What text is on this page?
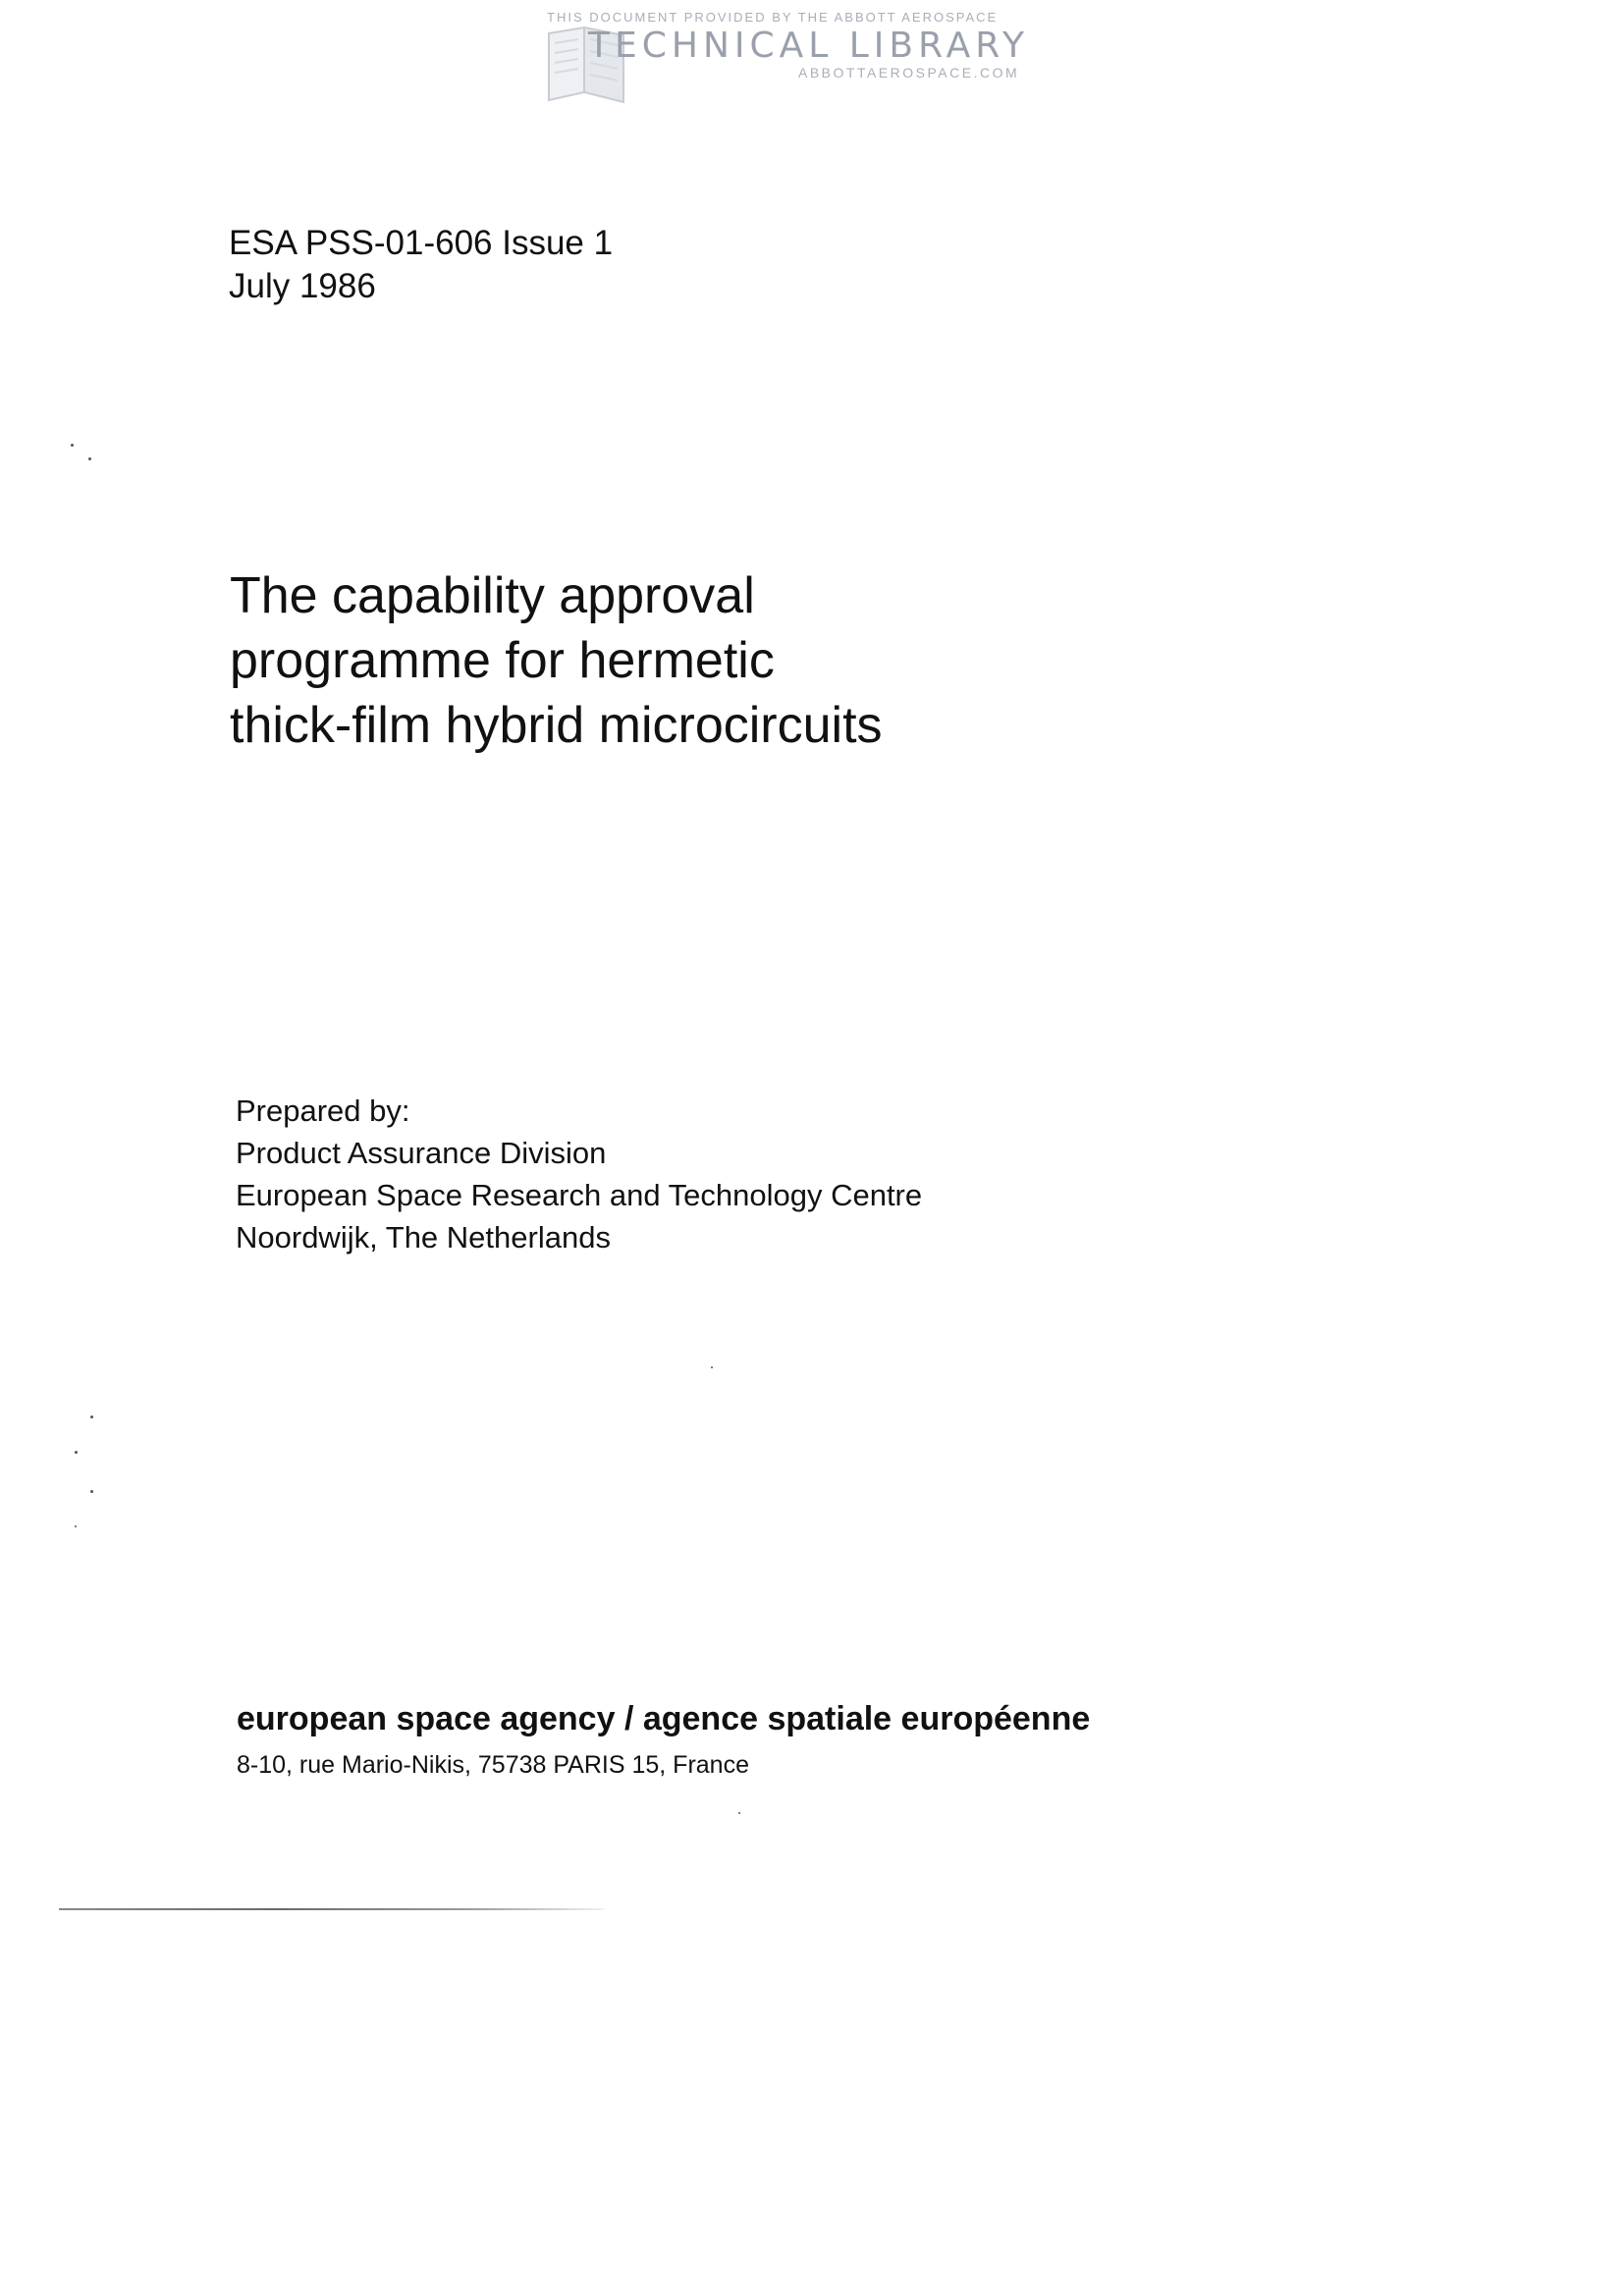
THIS DOCUMENT PROVIDED BY THE ABBOTT AEROSPACE
TECHNICAL LIBRARY
ABBOTTAEROSPACE.COM
ESA PSS-01-606 Issue 1
July 1986
The capability approval
programme for hermetic
thick-film hybrid microcircuits
Prepared by:
Product Assurance Division
European Space Research and Technology Centre
Noordwijk, The Netherlands
european space agency / agence spatiale européenne
8-10, rue Mario-Nikis, 75738 PARIS 15, France
